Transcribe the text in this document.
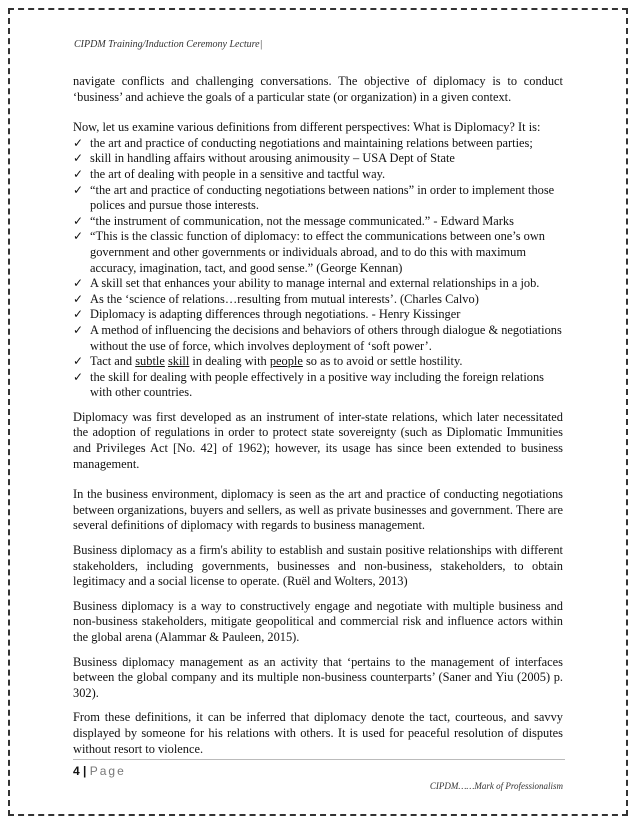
CIPDM Training/Induction Ceremony Lecture|

navigate conflicts and challenging conversations. The objective of diplomacy is to conduct ‘business’ and achieve the goals of a particular state (or organization) in a given context.

Now, let us examine various definitions from different perspectives: What is Diplomacy? It is:

✓ the art and practice of conducting negotiations and maintaining relations between parties;
✓ skill in handling affairs without arousing animousity – USA Dept of State
✓ the art of dealing with people in a sensitive and tactful way.
✓ “the art and practice of conducting negotiations between nations” in order to implement those polices and pursue those interests.
✓ “the instrument of communication, not the message communicated.” - Edward Marks
✓ “This is the classic function of diplomacy: to effect the communications between one’s own government and other governments or individuals abroad, and to do this with maximum accuracy, imagination, tact, and good sense.” (George Kennan)
✓ A skill set that enhances your ability to manage internal and external relationships in a job.
✓ As the ‘science of relations…resulting from mutual interests’. (Charles Calvo)
✓ Diplomacy is adapting differences through negotiations. - Henry Kissinger
✓ A method of influencing the decisions and behaviors of others through dialogue & negotiations without the use of force, which involves deployment of ‘soft power’.
✓ Tact and subtle skill in dealing with people so as to avoid or settle hostility.
✓ the skill for dealing with people effectively in a positive way including the foreign relations with other countries.

Diplomacy was first developed as an instrument of inter-state relations, which later necessitated the adoption of regulations in order to protect state sovereignty (such as Diplomatic Immunities and Privileges Act [No. 42] of 1962); however, its usage has since been extended to business management.

In the business environment, diplomacy is seen as the art and practice of conducting negotiations between organizations, buyers and sellers, as well as private businesses and government. There are several definitions of diplomacy with regards to business management.

Business diplomacy as a firm's ability to establish and sustain positive relationships with different stakeholders, including governments, businesses and non-business, stakeholders, to obtain legitimacy and a social license to operate. (Ruël and Wolters, 2013)

Business diplomacy is a way to constructively engage and negotiate with multiple business and non-business stakeholders, mitigate geopolitical and commercial risk and influence actors within the global arena (Alammar & Pauleen, 2015).

Business diplomacy management as an activity that ‘pertains to the management of interfaces between the global company and its multiple non-business counterparts’ (Saner and Yiu (2005) p. 302).

From these definitions, it can be inferred that diplomacy denote the tact, courteous, and savvy displayed by someone for his relations with others. It is used for peaceful resolution of disputes without resort to violence.

4 | Page
CIPDM……Mark of Professionalism
